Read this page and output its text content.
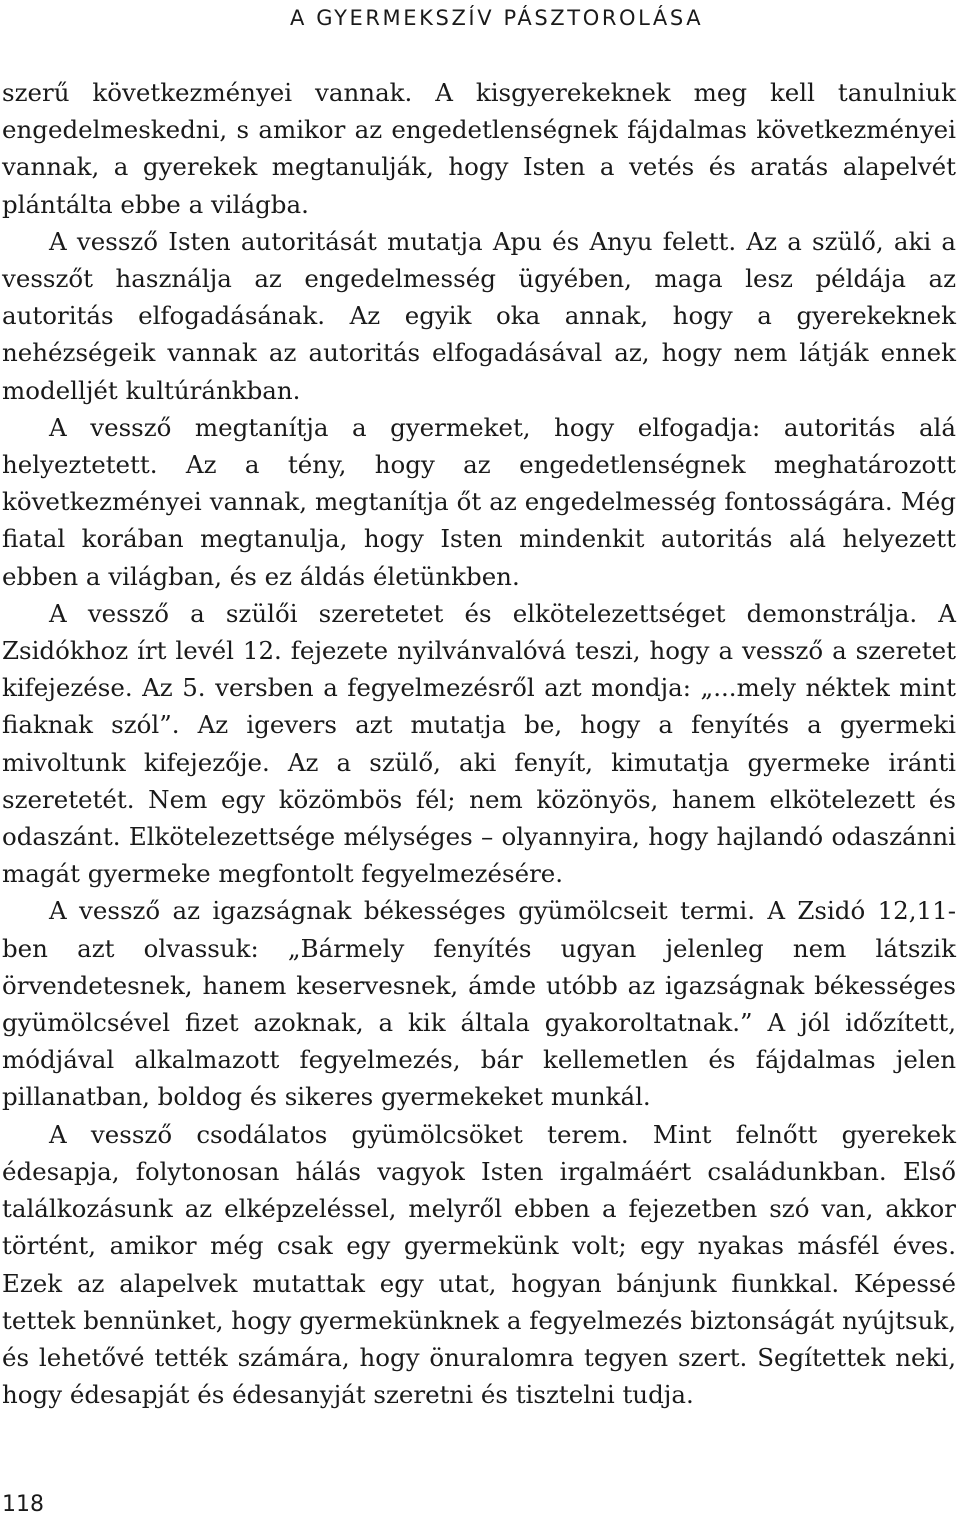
A GYERMEKSZÍV PÁSZTOROLÁSA

szerű következményei vannak. A kisgyerekeknek meg kell tanulniuk engedelmeskedni, s amikor az engedetlenségnek fájdalmas következményei vannak, a gyerekek megtanulják, hogy Isten a vetés és aratás alapelvét plántálta ebbe a világba.

A vessző Isten autoritását mutatja Apu és Anyu felett. Az a szülő, aki a vesszőt használja az engedelmesség ügyében, maga lesz példája az autoritás elfogadásának. Az egyik oka annak, hogy a gyerekeknek nehézségeik vannak az autoritás elfogadásával az, hogy nem látják ennek modelljét kultúránkban.

A vessző megtanítja a gyermeket, hogy elfogadja: autoritás alá helyeztetett. Az a tény, hogy az engedetlenségnek meghatározott következményei vannak, megtanítja őt az engedelmesség fontosságára. Még fiatal korában megtanulja, hogy Isten mindenkit autoritás alá helyezett ebben a világban, és ez áldás életünkben.

A vessző a szülői szeretetet és elkötelezettséget demonstrálja. A Zsidókhoz írt levél 12. fejezete nyilvánvalóvá teszi, hogy a vessző a szeretet kifejezése. Az 5. versben a fegyelmezésről azt mondja: „...mely néktek mint fiaknak szól”. Az igevers azt mutatja be, hogy a fenyítés a gyermeki mivoltunk kifejezője. Az a szülő, aki fenyít, kimutatja gyermeke iránti szeretetét. Nem egy közömbös fél; nem közönyös, hanem elkötelezett és odaszánt. Elkötelezettsége mélységes – olyannyira, hogy hajlandó odaszánni magát gyermeke megfontolt fegyelmezésére.

A vessző az igazságnak békességes gyümölcseit termi. A Zsidó 12,11-ben azt olvassuk: „Bármely fenyítés ugyan jelenleg nem látszik örvendetesnek, hanem keservesnek, ámde utóbb az igazságnak békességes gyümölcsével fizet azoknak, a kik általa gyakoroltatnak.” A jól időzített, módjával alkalmazott fegyelmezés, bár kellemetlen és fájdalmas jelen pillanatban, boldog és sikeres gyermekeket munkál.

A vessző csodálatos gyümölcsöket terem. Mint felnőtt gyerekek édesapja, folytonosan hálás vagyok Isten irgalmáért családunkban. Első találkozásunk az elképzeléssel, melyről ebben a fejezetben szó van, akkor történt, amikor még csak egy gyermekünk volt; egy nyakas másfél éves. Ezek az alapelvek mutattak egy utat, hogyan bánjunk fiunkkal. Képessé tettek bennünket, hogy gyermekünknek a fegyelmezés biztonságát nyújtsuk, és lehetővé tették számára, hogy önuralomra tegyen szert. Segítettek neki, hogy édesapját és édesanyját szeretni és tisztelni tudja.

118
